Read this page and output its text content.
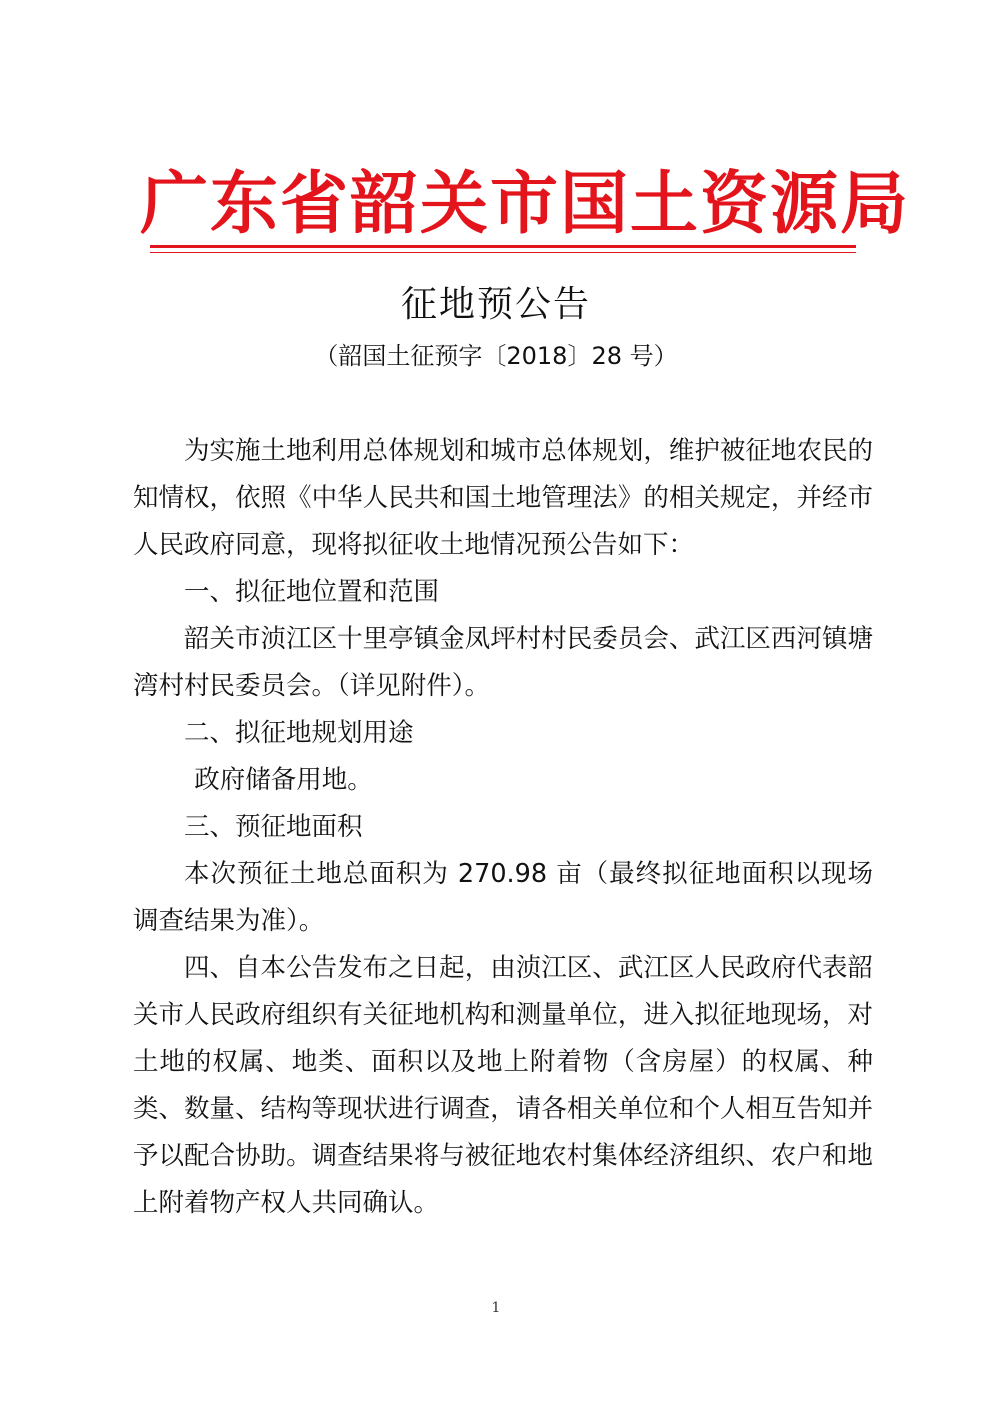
广东省韶关市国土资源局
征地预公告
（韶国土征预字〔2018〕28 号）

为实施土地利用总体规划和城市总体规划，维护被征地农民的知情权，依照《中华人民共和国土地管理法》的相关规定，并经市人民政府同意，现将拟征收土地情况预公告如下：

一、拟征地位置和范围

韶关市浈江区十里亭镇金凤坪村村民委员会、武江区西河镇塘湾村村民委员会。（详见附件）。

二、拟征地规划用途

政府储备用地。

三、预征地面积

本次预征土地总面积为 270.98 亩（最终拟征地面积以现场调查结果为准）。

四、自本公告发布之日起，由浈江区、武江区人民政府代表韶关市人民政府组织有关征地机构和测量单位，进入拟征地现场，对土地的权属、地类、面积以及地上附着物（含房屋）的权属、种类、数量、结构等现状进行调查，请各相关单位和个人相互告知并予以配合协助。调查结果将与被征地农村集体经济组织、农户和地上附着物产权人共同确认。

1
